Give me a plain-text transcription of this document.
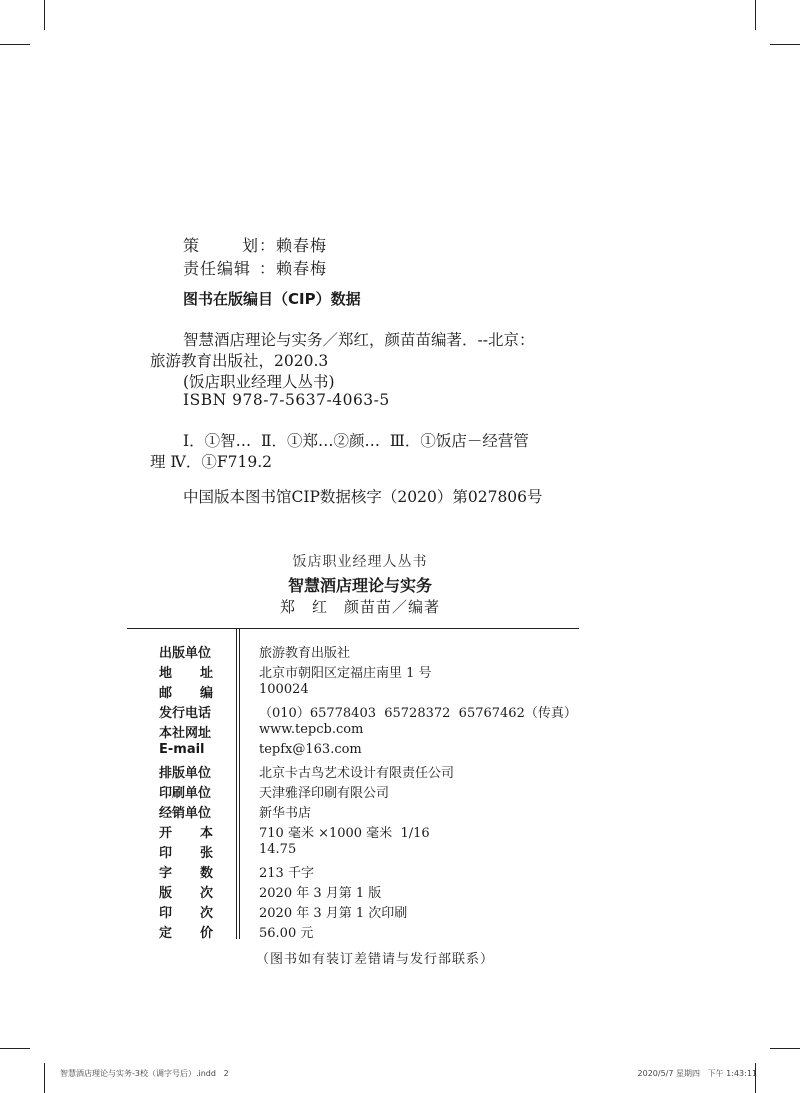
策	划 ：赖春梅
责任编辑 ：赖春梅
图书在版编目（CIP）数据
智慧酒店理论与实务／郑红，颜苗苗编著．--北京：
旅游教育出版社，2020.3
(饭店职业经理人丛书)
ISBN 978-7-5637-4063-5
Ⅰ．①智…  Ⅱ．①郑…②颜…  Ⅲ．①饭店－经营管
理 Ⅳ．①F719.2
中国版本图书馆CIP数据核字（2020）第027806号
饭店职业经理人丛书
智慧酒店理论与实务
郑　红　颜苗苗／编著
出版单位	旅游教育出版社
地 址	北京市朝阳区定福庄南里 1 号
邮 编	100024
发行电话	（010）65778403  65728372  65767462（传真）
本社网址	www.tepcb.com
E-mail	tepfx@163.com
排版单位	北京卡古鸟艺术设计有限责任公司
印刷单位	天津雅泽印刷有限公司
经销单位	新华书店
开 本	710 毫米 ×1000 毫米  1/16
印 张	14.75
字 数	213 千字
版 次	2020 年 3 月第 1 版
印 次	2020 年 3 月第 1 次印刷
定 价	56.00 元
（图书如有装订差错请与发行部联系）
智慧酒店理论与实务-3校（调字号后）.indd   2	2020/5/7 星期四   下午 1:43:11
